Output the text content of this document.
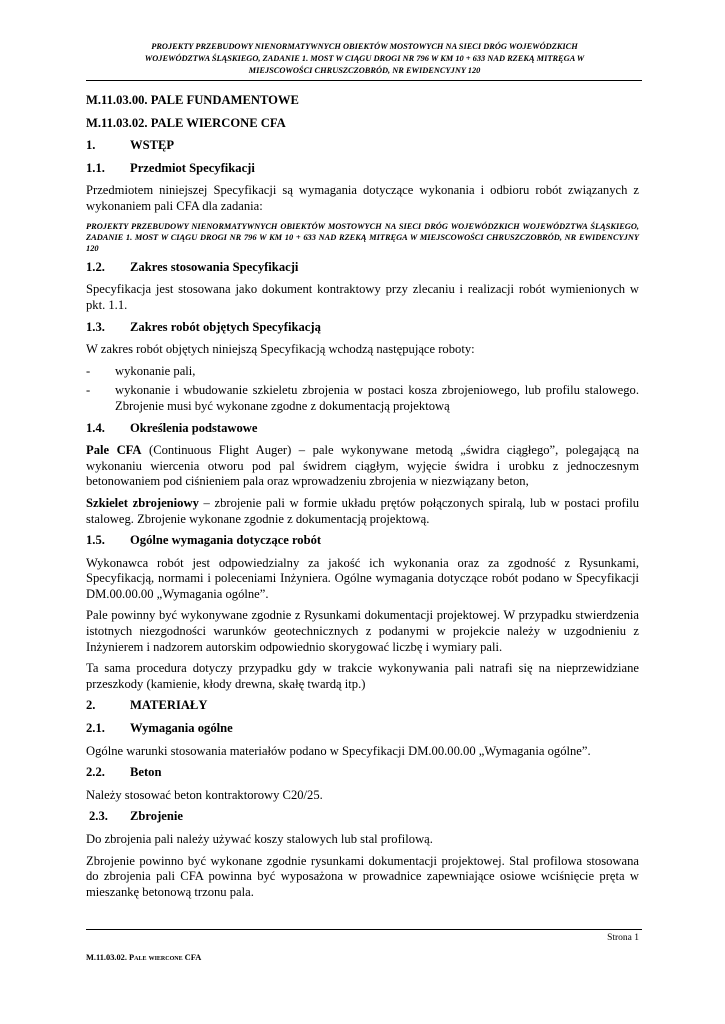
PROJEKTY PRZEBUDOWY NIENORMATYWNYCH OBIEKTÓW MOSTOWYCH NA SIECI DRÓG WOJEWÓDZKICH
WOJEWÓDZTWA ŚLĄSKIEGO, ZADANIE 1. MOST W CIĄGU DROGI NR 796 W KM 10 + 633 NAD RZEKĄ MITRĘGA W
MIEJSCOWOŚCI CHRUSZCZOBRÓD, NR EWIDENCYJNY 120
M.11.03.00. PALE FUNDAMENTOWE
M.11.03.02. PALE WIERCONE CFA
1.	WSTĘP
1.1.	Przedmiot Specyfikacji

Przedmiotem niniejszej Specyfikacji są wymagania dotyczące wykonania i odbioru robót związanych z wykonaniem pali CFA dla zadania:

PROJEKTY PRZEBUDOWY NIENORMATYWNYCH OBIEKTÓW MOSTOWYCH NA SIECI DRÓG WOJEWÓDZKICH WOJEWÓDZTWA ŚLĄSKIEGO, ZADANIE 1. MOST W CIĄGU DROGI NR 796 W KM 10 + 633 NAD RZEKĄ MITRĘGA W MIEJSCOWOŚCI CHRUSZCZOBRÓD, NR EWIDENCYJNY 120

1.2.	Zakres stosowania Specyfikacji

Specyfikacja jest stosowana jako dokument kontraktowy przy zlecaniu i realizacji robót wymienionych w pkt. 1.1.

1.3.	Zakres robót objętych Specyfikacją

W zakres robót objętych niniejszą Specyfikacją wchodzą następujące roboty:

-	wykonanie pali,
-	wykonanie i wbudowanie szkieletu zbrojenia w postaci kosza zbrojeniowego, lub profilu stalowego. Zbrojenie musi być wykonane zgodne z dokumentacją projektową
1.4.	Określenia podstawowe

Pale CFA (Continuous Flight Auger) – pale wykonywane metodą „świdra ciągłego”, polegającą na wykonaniu wiercenia otworu pod pal świdrem ciągłym, wyjęcie świdra i urobku z jednoczesnym betonowaniem pod ciśnieniem pala oraz wprowadzeniu zbrojenia w niezwiązany beton,

Szkielet zbrojeniowy – zbrojenie pali w formie układu prętów połączonych spiralą, lub w postaci profilu staloweg. Zbrojenie wykonane zgodnie z dokumentacją projektową.

1.5.	Ogólne wymagania dotyczące robót

Wykonawca robót jest odpowiedzialny za jakość ich wykonania oraz za zgodność z Rysunkami, Specyfikacją, normami i poleceniami Inżyniera. Ogólne wymagania dotyczące robót podano w Specyfikacji DM.00.00.00 „Wymagania ogólne”.

Pale powinny być wykonywane zgodnie z Rysunkami dokumentacji projektowej. W przypadku stwierdzenia istotnych niezgodności warunków geotechnicznych z podanymi w projekcie należy w uzgodnieniu z Inżynierem i nadzorem autorskim odpowiednio skorygować liczbę i wymiary pali.

Ta sama procedura dotyczy przypadku gdy w trakcie wykonywania pali natrafi się na nieprzewidziane przeszkody (kamienie, kłody drewna, skałę twardą itp.)

2.	MATERIAŁY
2.1.	Wymagania ogólne

Ogólne warunki stosowania materiałów podano w Specyfikacji DM.00.00.00 „Wymagania ogólne”.

2.2.	Beton

Należy stosować beton kontraktorowy C20/25.

2.3.	Zbrojenie

Do zbrojenia pali należy używać koszy stalowych lub stal profilową.

Zbrojenie powinno być wykonane zgodnie rysunkami dokumentacji projektowej. Stal profilowa stosowana do zbrojenia pali CFA powinna być wyposażona w prowadnice zapewniające osiowe wciśnięcie pręta w mieszankę betonową trzonu pala.

Strona 1
M.11.03.02. Pale wiercone CFA
